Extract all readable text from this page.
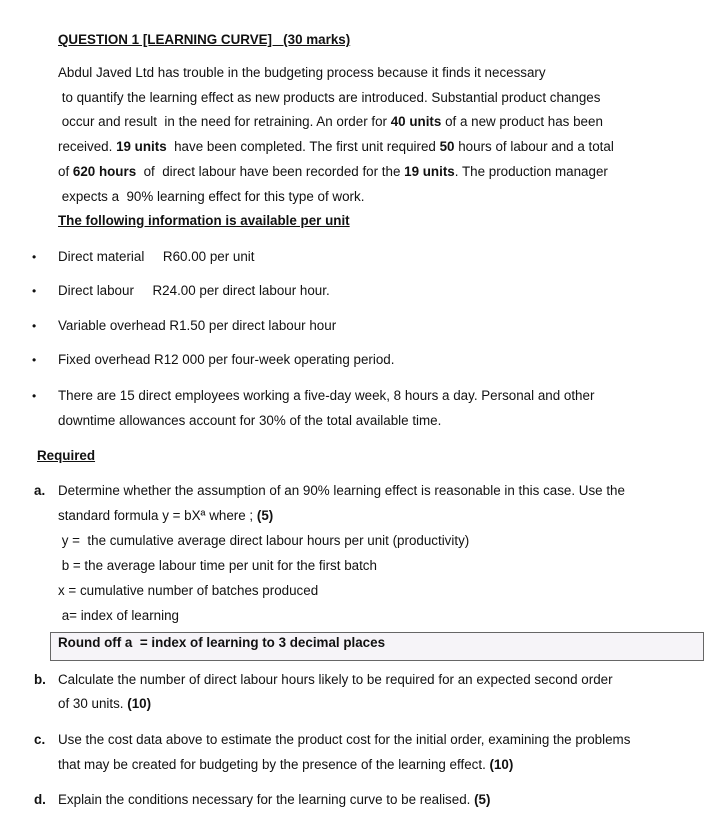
QUESTION 1 [LEARNING CURVE]   (30 marks)
The following information is available per unit
Required
Round off a  = index of learning to 3 decimal places
Abdul Javed Ltd has trouble in the budgeting process because it finds it necessary
to quantify the learning effect as new products are introduced. Substantial product changes
occur and result  in the need for retraining. An order for 40 units of a new product has been
received. 19 units  have been completed. The first unit required 50 hours of labour and a total
of 620 hours  of  direct labour have been recorded for the 19 units. The production manager
expects a  90% learning effect for this type of work.
• Direct material     R60.00 per unit
• Direct labour     R24.00 per direct labour hour.
• Variable overhead R1.50 per direct labour hour
• Fixed overhead R12 000 per four-week operating period.
• There are 15 direct employees working a five-day week, 8 hours a day. Personal and other
downtime allowances account for 30% of the total available time.
a. Determine whether the assumption of an 90% learning effect is reasonable in this case. Use the
standard formula y = bXª where ; (5)
y =  the cumulative average direct labour hours per unit (productivity)
b = the average labour time per unit for the first batch
x = cumulative number of batches produced
a= index of learning
b. Calculate the number of direct labour hours likely to be required for an expected second order
of 30 units. (10)
c. Use the cost data above to estimate the product cost for the initial order, examining the problems
that may be created for budgeting by the presence of the learning effect. (10)
d. Explain the conditions necessary for the learning curve to be realised. (5)
